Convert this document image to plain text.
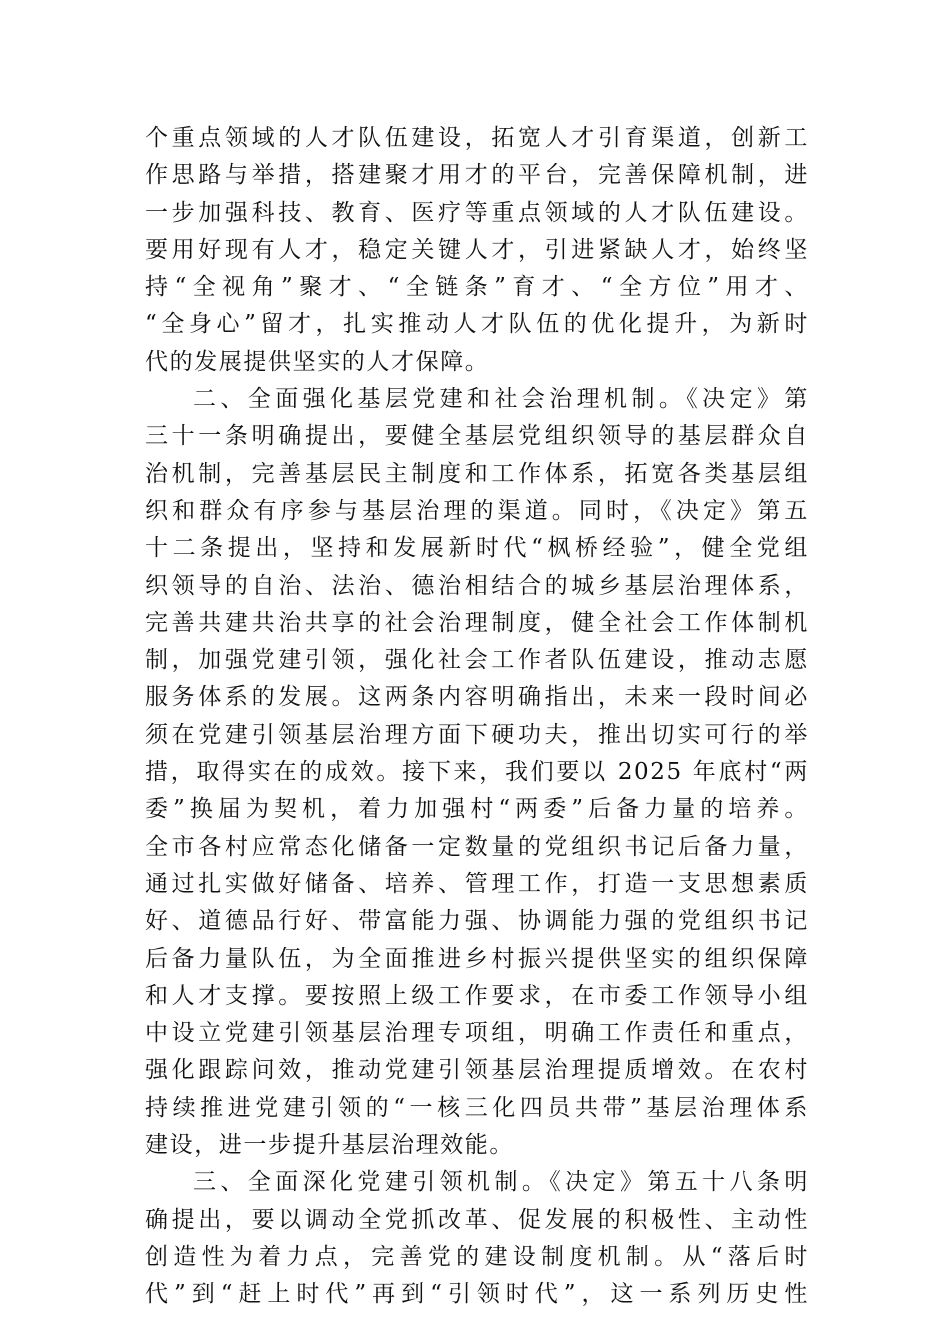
个重点领域的人才队伍建设，拓宽人才引育渠道，创新工
作思路与举措，搭建聚才用才的平台，完善保障机制，进
一步加强科技、教育、医疗等重点领域的人才队伍建设。
要用好现有人才，稳定关键人才，引进紧缺人才，始终坚
持“全视角”聚才、“全链条”育才、“全方位”用才、
“全身心”留才，扎实推动人才队伍的优化提升，为新时
代的发展提供坚实的人才保障。
二、全面强化基层党建和社会治理机制。《决定》第
三十一条明确提出，要健全基层党组织领导的基层群众自
治机制，完善基层民主制度和工作体系，拓宽各类基层组
织和群众有序参与基层治理的渠道。同时，《决定》第五
十二条提出，坚持和发展新时代“枫桥经验”，健全党组
织领导的自治、法治、德治相结合的城乡基层治理体系，
完善共建共治共享的社会治理制度，健全社会工作体制机
制，加强党建引领，强化社会工作者队伍建设，推动志愿
服务体系的发展。这两条内容明确指出，未来一段时间必
须在党建引领基层治理方面下硬功夫，推出切实可行的举
措，取得实在的成效。接下来，我们要以 2025 年底村“两
委”换届为契机，着力加强村“两委”后备力量的培养。
全市各村应常态化储备一定数量的党组织书记后备力量，
通过扎实做好储备、培养、管理工作，打造一支思想素质
好、道德品行好、带富能力强、协调能力强的党组织书记
后备力量队伍，为全面推进乡村振兴提供坚实的组织保障
和人才支撑。要按照上级工作要求，在市委工作领导小组
中设立党建引领基层治理专项组，明确工作责任和重点，
强化跟踪问效，推动党建引领基层治理提质增效。在农村
持续推进党建引领的“一核三化四员共带”基层治理体系
建设，进一步提升基层治理效能。
三、全面深化党建引领机制。《决定》第五十八条明
确提出，要以调动全党抓改革、促发展的积极性、主动性
创造性为着力点，完善党的建设制度机制。从“落后时
代”到“赶上时代”再到“引领时代”，这一系列历史性
